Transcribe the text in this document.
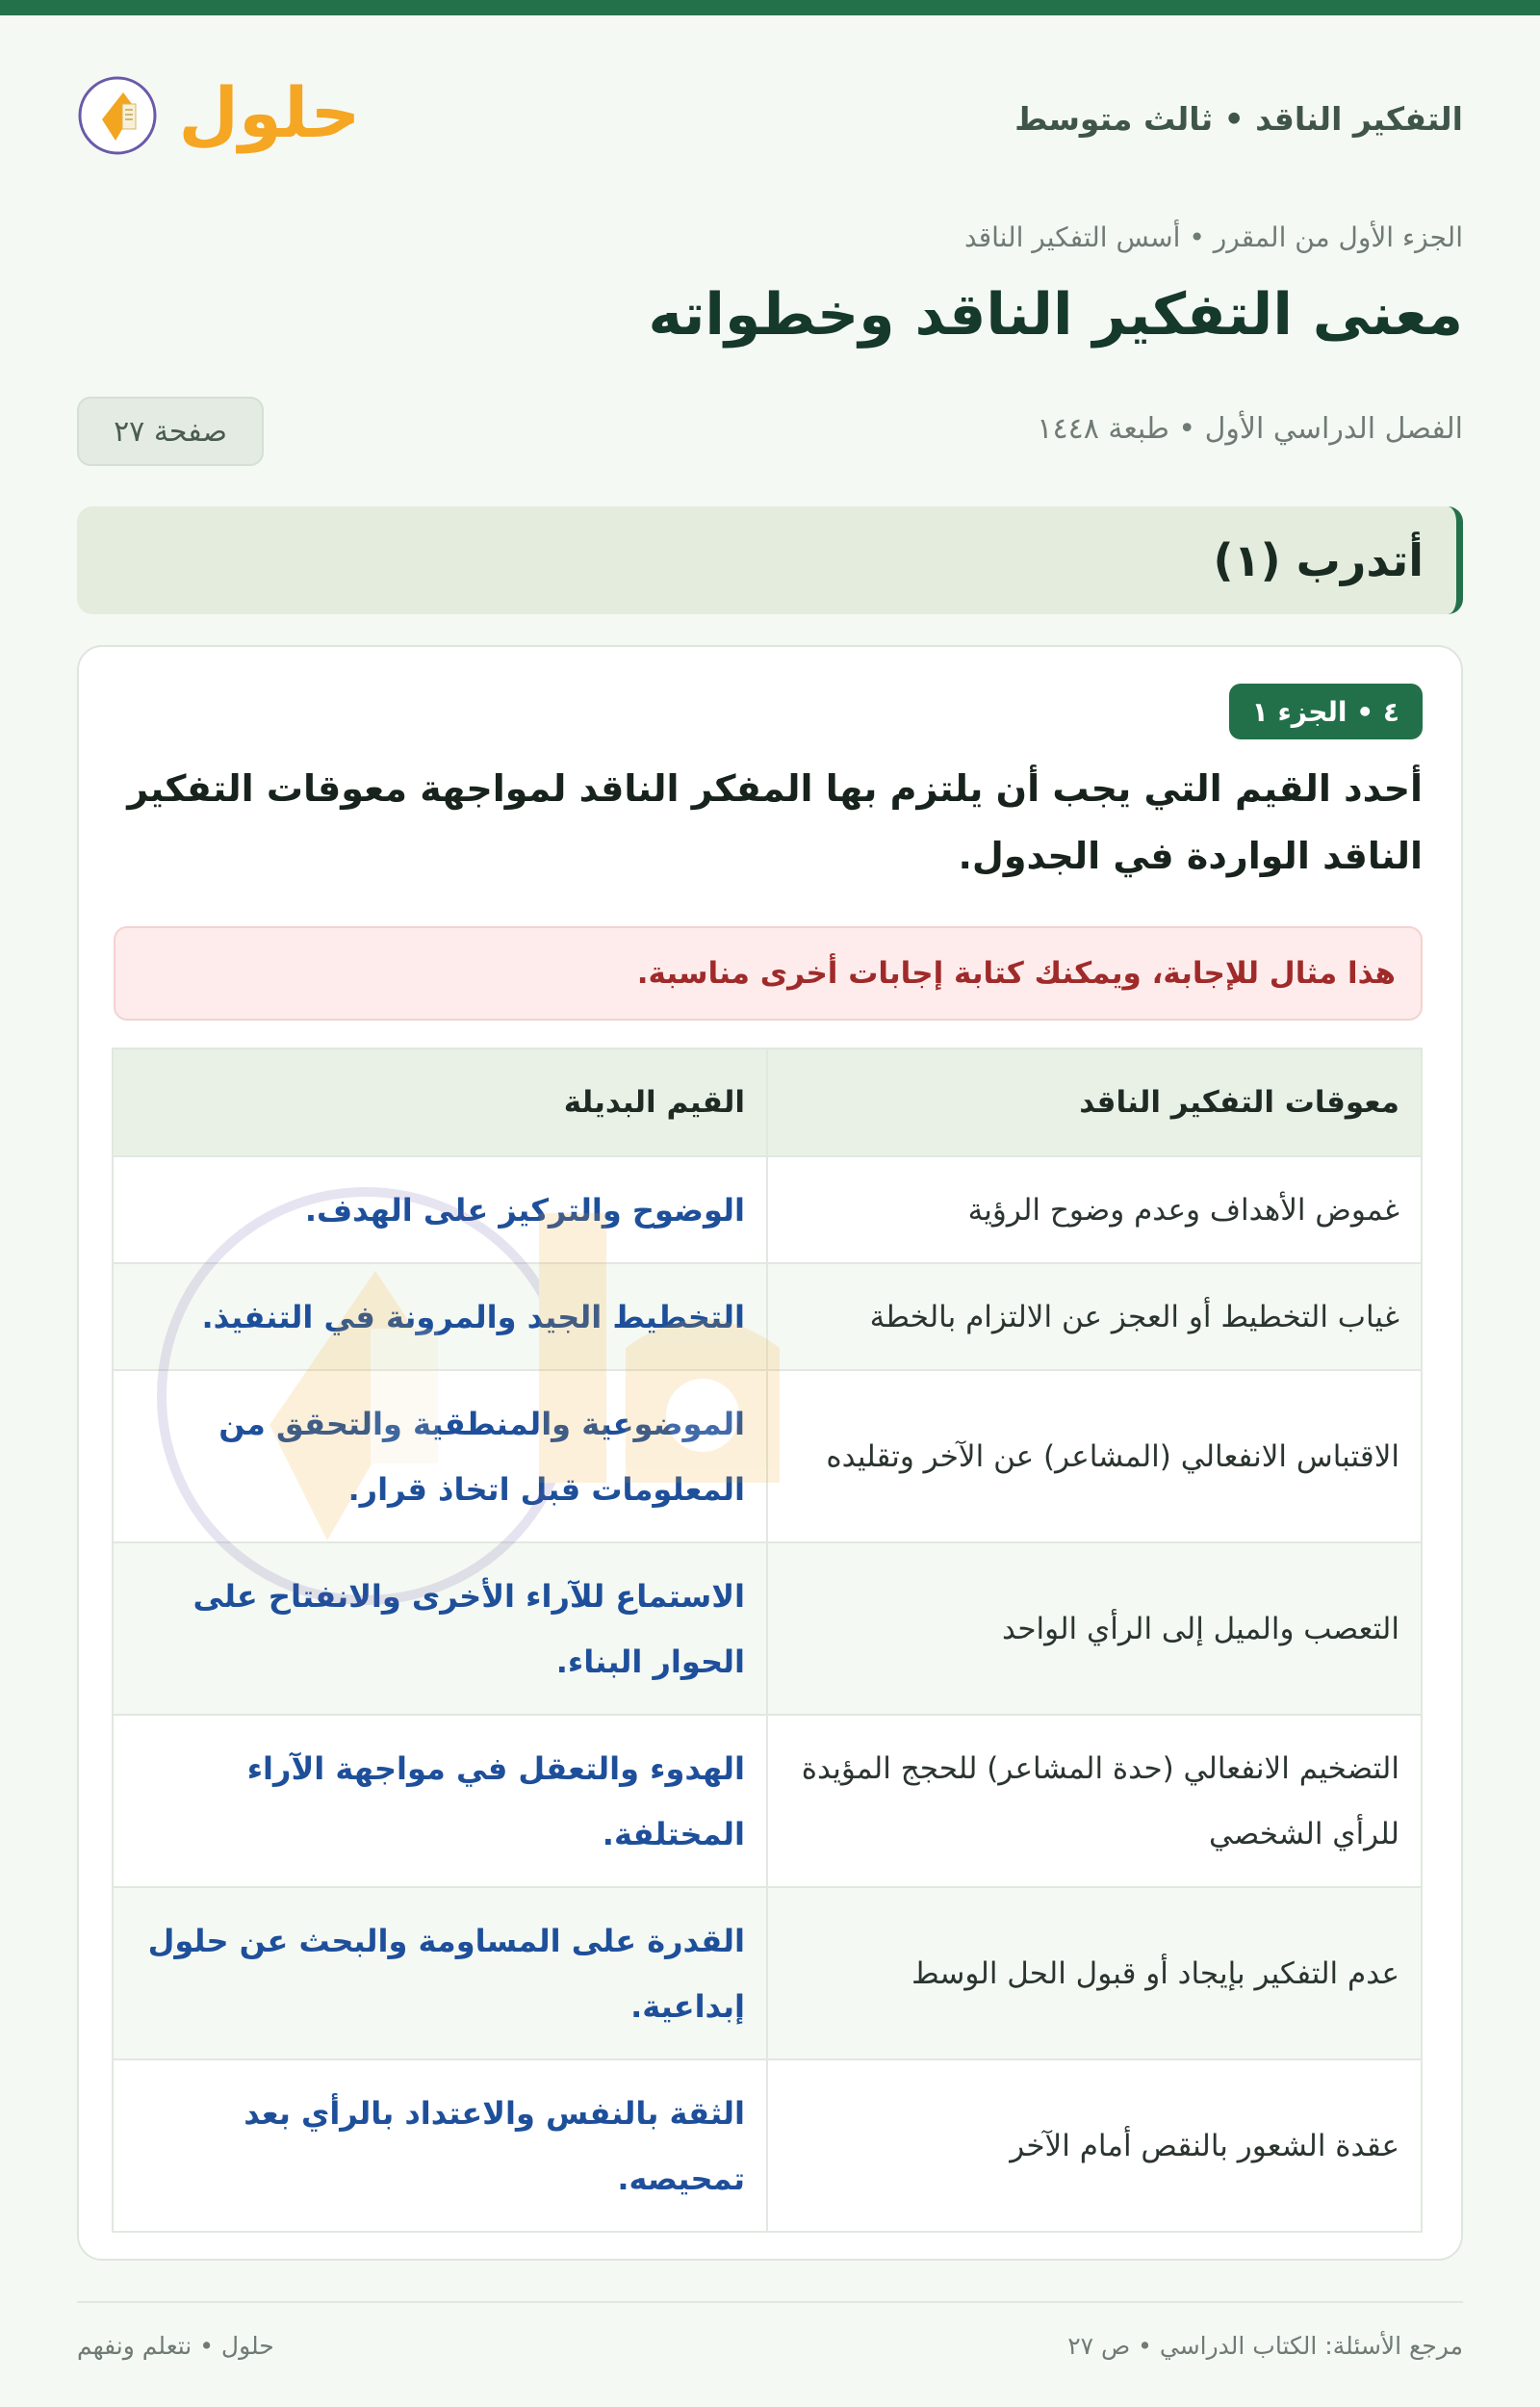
التفكير الناقد • ثالث متوسط
حلول
الجزء الأول من المقرر • أسس التفكير الناقد
معنى التفكير الناقد وخطواته
الفصل الدراسي الأول • طبعة ١٤٤٨
صفحة ٢٧
أتدرب (١)
٤ • الجزء ١
أحدد القيم التي يجب أن يلتزم بها المفكر الناقد لمواجهة معوقات التفكير الناقد الواردة في الجدول.
هذا مثال للإجابة، ويمكنك كتابة إجابات أخرى مناسبة.
معوقات التفكير الناقد	القيم البديلة
غموض الأهداف وعدم وضوح الرؤية	الوضوح والتركيز على الهدف.
غياب التخطيط أو العجز عن الالتزام بالخطة	التخطيط الجيد والمرونة في التنفيذ.
الاقتباس الانفعالي (المشاعر) عن الآخر وتقليده	الموضوعية والمنطقية والتحقق من المعلومات قبل اتخاذ قرار.
التعصب والميل إلى الرأي الواحد	الاستماع للآراء الأخرى والانفتاح على الحوار البناء.
التضخيم الانفعالي (حدة المشاعر) للحجج المؤيدة للرأي الشخصي	الهدوء والتعقل في مواجهة الآراء المختلفة.
عدم التفكير بإيجاد أو قبول الحل الوسط	القدرة على المساومة والبحث عن حلول إبداعية.
عقدة الشعور بالنقص أمام الآخر	الثقة بالنفس والاعتداد بالرأي بعد تمحيصه.
مرجع الأسئلة: الكتاب الدراسي • ص ٢٧
حلول • نتعلم ونفهم
